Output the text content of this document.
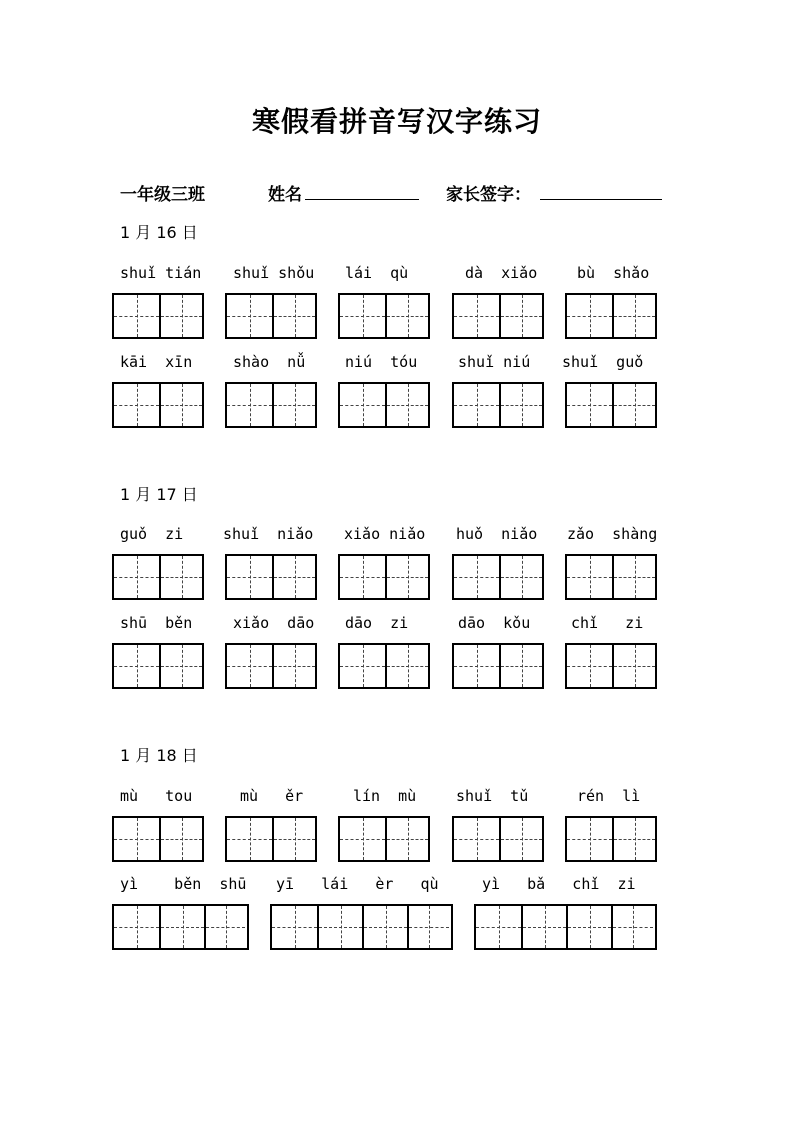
寒假看拼音写汉字练习
一年级三班	姓名	家长签字：
1 月 16 日
shuǐ tián shuǐ shǒu lái  qù	dà  xiǎo	bù  shǎo
kāi  xīn	shào  nǚ	niú  tóu	shuǐ niú shuǐ  guǒ
1 月 17 日
guǒ  zi	shuǐ  niǎo xiǎo niǎo huǒ  niǎo zǎo  shàng
shū  běn	xiǎo  dāo dāo  zi	dāo  kǒu	chǐ   zi
1 月 18 日
mù   tou	mù   ěr	lín  mù	shuǐ  tǔ	rén  lì
yì    běn  shū yī   lái   èr   qù	yì   bǎ   chǐ  zi
